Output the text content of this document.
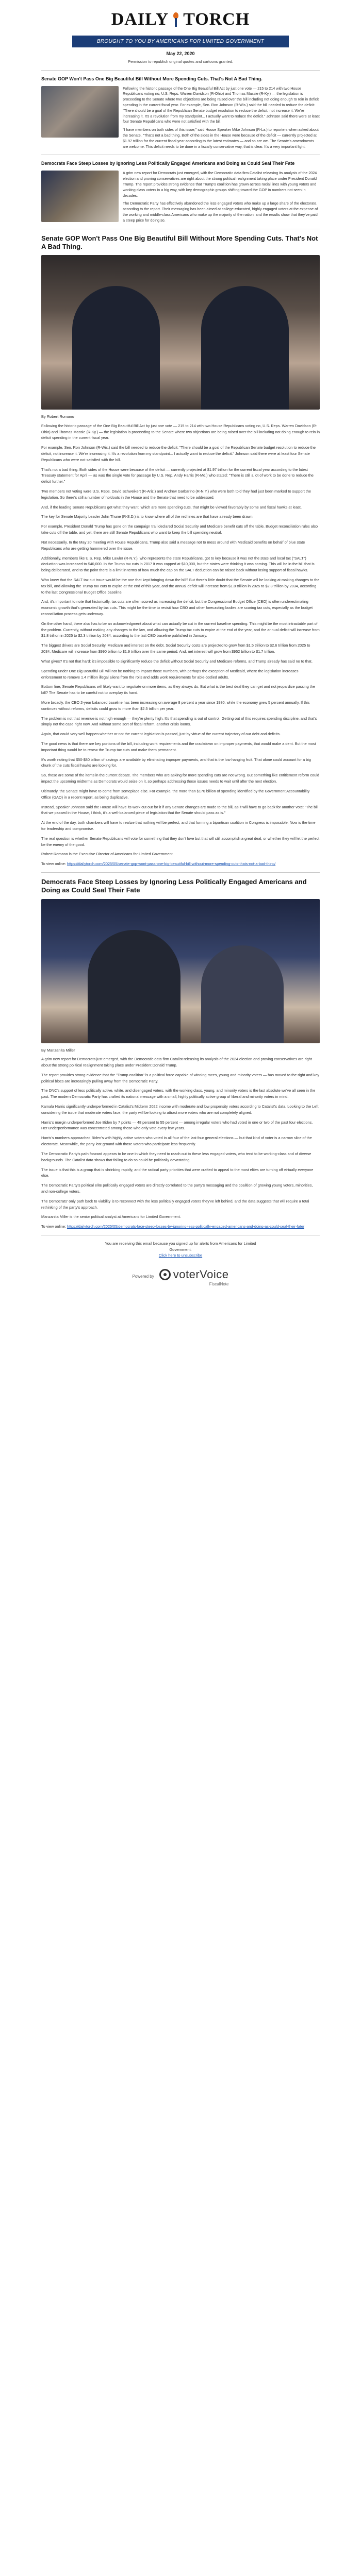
DAILY TORCH
BROUGHT TO YOU BY AMERICANS FOR LIMITED GOVERNMENT
May 22, 2020
Permission to republish original quotes and cartoons granted.
Senate GOP Won't Pass One Big Beautiful Bill Without More Spending Cuts. That's Not A Bad Thing.

Following the historic passage of the One Big Beautiful Bill Act by just one vote — 215 to 214 with two House Republicans voting no, U.S. Reps. Warren Davidson (R-Ohio) and Thomas Massie (R-Ky.) — the legislation is proceeding to the Senate where two objections are being raised over the bill including not doing enough to rein in deficit spending in the current fiscal year. For example, Sen. Ron Johnson (R-Wis.) said the bill needed to reduce the deficit: "There should be a goal of the Republican Senate budget resolution to reduce the deficit, not increase it. We're increasing it. It's a revolution from my standpoint... I actually want to reduce the deficit." Johnson said there were at least four Senate Republicans who were not satisfied with the bill.

"I have members on both sides of this issue," said House Speaker Mike Johnson (R-La.) to reporters when asked about the Senate. "That's not a bad thing. Both of the sides in the House were because of the deficit — currently projected at $1.97 trillion for the current fiscal year according to the latest estimates — and so are we. The Senate's amendments are welcome. This deficit needs to be done in a fiscally conservative way, that is clear. It's a very important fight.

Democrats Face Steep Losses by Ignoring Less Politically Engaged Americans and Doing as Could Seal Their Fate

A grim new report for Democrats just emerged, with the Democratic data firm Catalist releasing its analysis of the 2024 election and proving conservatives are right about the strong political realignment taking place under President Donald Trump. The report provides strong evidence that Trump's coalition has grown across racial lines with young voters and working class voters in a big way, with key demographic groups shifting toward the GOP in numbers not seen in decades.

The Democratic Party has effectively abandoned the less engaged voters who make up a large share of the electorate, according to the report. Their messaging has been aimed at college-educated, highly engaged voters at the expense of the working and middle-class Americans who make up the majority of the nation, and the results show that they've paid a steep price for doing so.

Senate GOP Won't Pass One Big Beautiful Bill Without More Spending Cuts. That's Not A Bad Thing.
By Robert Romano

Following the historic passage of the One Big Beautiful Bill Act by just one vote — 215 to 214 with two House Republicans voting no, U.S. Reps. Warren Davidson (R-Ohio) and Thomas Massie (R-Ky.) — the legislation is proceeding to the Senate where two objections are being raised over the bill including not doing enough to rein in deficit spending in the current fiscal year.

For example, Sen. Ron Johnson (R-Wis.) said the bill needed to reduce the deficit: "There should be a goal of the Republican Senate budget resolution to reduce the deficit, not increase it. We're increasing it. It's a revolution from my standpoint... I actually want to reduce the deficit." Johnson said there were at least four Senate Republicans who were not satisfied with the bill.

That's not a bad thing. Both sides of the House were because of the deficit — currently projected at $1.97 trillion for the current fiscal year according to the latest Treasury statement for April — as was the single vote for passage by U.S. Rep. Andy Harris (R-Md.) who stated: "There is still a lot of work to be done to reduce the deficit further."

Two members not voting were U.S. Reps. David Schweikert (R-Ariz.) and Andrew Garbarino (R-N.Y.) who were both told they had just been marked to support the legislation. So there's still a number of holdouts in the House and the Senate that need to be addressed.

And, if the leading Senate Republicans get what they want, which are more spending cuts, that might be viewed favorably by some and fiscal hawks at least.

The key for Senate Majority Leader John Thune (R-S.D.) is to know where all of the red lines are that have already been drawn.

For example, President Donald Trump has gone on the campaign trail declared Social Security and Medicare benefit cuts off the table. Budget reconciliation rules also take cuts off the table, and yet, there are still Senate Republicans who want to keep the bill spending neutral.

Not necessarily. In the May 20 meeting with House Republicans, Trump also said a message not to mess around with Medicaid benefits on behalf of blue state Republicans who are getting hammered over the issue.

Additionally, members like U.S. Rep. Mike Lawler (R-N.Y.), who represents the state Republicans, got to key because it was not the state and local tax ("SALT") deduction was increased to $40,000. In the Trump tax cuts in 2017 it was capped at $10,000, but the states were thinking it was coming. This will be in the bill that is being deliberated, and to the point there is a limit in terms of how much the cap on the SALT deduction can be raised back without losing support of fiscal hawks.

Who knew that the SALT tax cut issue would be the one that kept bringing down the bill? But there's little doubt that the Senate will be looking at making changes to the tax bill, and allowing the Trump tax cuts to expire at the end of this year, and the annual deficit will increase from $1.8 trillion in 2025 to $2.3 trillion by 2034, according to the last Congressional Budget Office baseline.

And, it's important to note that historically, tax cuts are often scored as increasing the deficit, but the Congressional Budget Office (CBO) is often underestimating economic growth that's generated by tax cuts. This might be the time to revisit how CBO and other forecasting bodies are scoring tax cuts, especially as the budget reconciliation process gets underway.

On the other hand, there also has to be an acknowledgment about what can actually be cut in the current baseline spending. This might be the most intractable part of the problem. Currently, without making any changes to the law, and allowing the Trump tax cuts to expire at the end of the year, and the annual deficit will increase from $1.8 trillion in 2025 to $2.3 trillion by 2034, according to the last CBO baseline published in January.

The biggest drivers are Social Security, Medicare and interest on the debt. Social Security costs are projected to grow from $1.5 trillion to $2.6 trillion from 2025 to 2034. Medicare will increase from $990 billion to $1.9 trillion over the same period. And, net interest will grow from $952 billion to $1.7 trillion.

What gives? It's not that hard: it's impossible to significantly reduce the deficit without Social Security and Medicare reforms, and Trump already has said no to that.

Spending under One Big Beautiful Bill will not be nothing to impact those numbers, with perhaps the exception of Medicaid, where the legislation increases enforcement to remove 1.4 million illegal aliens from the rolls and adds work requirements for able-bodied adults.

Bottom line, Senate Republicans will likely want to negotiate on more items, as they always do. But what is the best deal they can get and not jeopardize passing the bill? The Senate has to be careful not to overplay its hand.

More broadly, the CBO 2-year balanced baseline has been increasing on average 8 percent a year since 1980, while the economy grew 5 percent annually. If this continues without reforms, deficits could grow to more than $2.5 trillion per year.

The problem is not that revenue is not high enough — they're plenty high. It's that spending is out of control. Getting out of this requires spending discipline, and that's simply not the case right now. And without some sort of fiscal reform, another crisis looms.

Again, that could very well happen whether or not the current legislation is passed, just by virtue of the current trajectory of our debt and deficits.

The good news is that there are key portions of the bill, including work requirements and the crackdown on improper payments, that would make a dent. But the most important thing would be to renew the Trump tax cuts and make them permanent.

It's worth noting that $50-$80 billion of savings are available by eliminating improper payments, and that is the low hanging fruit. That alone could account for a big chunk of the cuts fiscal hawks are looking for.

So, those are some of the items in the current debate. The members who are asking for more spending cuts are not wrong. But something like entitlement reform could impact the upcoming midterms as Democrats would seize on it, so perhaps addressing those issues needs to wait until after the next election.

Ultimately, the Senate might have to come from someplace else. For example, the more than $170 billion of spending identified by the Government Accountability Office (GAO) in a recent report, as being duplicative.

Instead, Speaker Johnson said the House will have its work cut out for it if any Senate changes are made to the bill, as it will have to go back for another vote: "The bill that we passed in the House, I think, it's a well-balanced piece of legislation that the Senate should pass as is."

At the end of the day, both chambers will have to realize that nothing will be perfect, and that forming a bipartisan coalition in Congress is impossible. Now is the time for leadership and compromise.

The real question is whether Senate Republicans will vote for something that they don't love but that will still accomplish a great deal, or whether they will let the perfect be the enemy of the good.

Robert Romano is the Executive Director of Americans for Limited Government.

To view online: https://dailytorch.com/2025/05/senate-gop-wont-pass-one-big-beautiful-bill-without-more-spending-cuts-thats-not-a-bad-thing/

Democrats Face Steep Losses by Ignoring Less Politically Engaged Americans and Doing as Could Seal Their Fate
By Manzanita Miller

A grim new report for Democrats just emerged, with the Democratic data firm Catalist releasing its analysis of the 2024 election and proving conservatives are right about the strong political realignment taking place under President Donald Trump.

The report provides strong evidence that the "Trump coalition" is a political force capable of winning races, young and minority voters — has moved to the right and key political blocs are increasingly pulling away from the Democratic Party.

The DNC's support of less politically active, white, and disengaged voters, with the working class, young, and minority voters is the last absolute we've all seen in the past. The modern Democratic Party has crafted its national message with a small, highly politically active group of liberal and minority voters in mind.

Kamala Harris significantly underperformed in Catalist's Midterm 2022 income with moderate and low propensity voters according to Catalist's data. Looking to the Left, considering the issue that moderate voters face, the party will be looking to attract more voters who are not completely aligned.

Harris's margin underperformed Joe Biden by 7 points — 48 percent to 55 percent — among irregular voters who had voted in one or two of the past four elections. Her underperformance was concentrated among those who only vote every few years.

Harris's numbers approached Biden's with highly active voters who voted in all four of the last four general elections — but that kind of voter is a narrow slice of the electorate. Meanwhile, the party lost ground with those voters who participate less frequently.

The Democratic Party's path forward appears to be one in which they need to reach out to these less engaged voters, who tend to be working-class and of diverse backgrounds. The Catalist data shows that failing to do so could be politically devastating.

The issue is that this is a group that is shrinking rapidly, and the radical party priorities that were crafted to appeal to the most elites are turning off virtually everyone else.

The Democratic Party's political elite politically engaged voters are directly correlated to the party's messaging and the coalition of growing young voters, minorities, and non-college voters.

The Democrats' only path back to viability is to reconnect with the less politically engaged voters they've left behind, and the data suggests that will require a total rethinking of the party's approach.

Manzanita Miller is the senior political analyst at Americans for Limited Government.

To view online: https://dailytorch.com/2025/05/democrats-face-steep-losses-by-ignoring-less-politically-engaged-americans-and-doing-as-could-seal-their-fate/

You are receiving this email because you signed up for alerts from Americans for Limited
Government.
Click here to unsubscribe
Powered by voterVoice
FiscalNote
